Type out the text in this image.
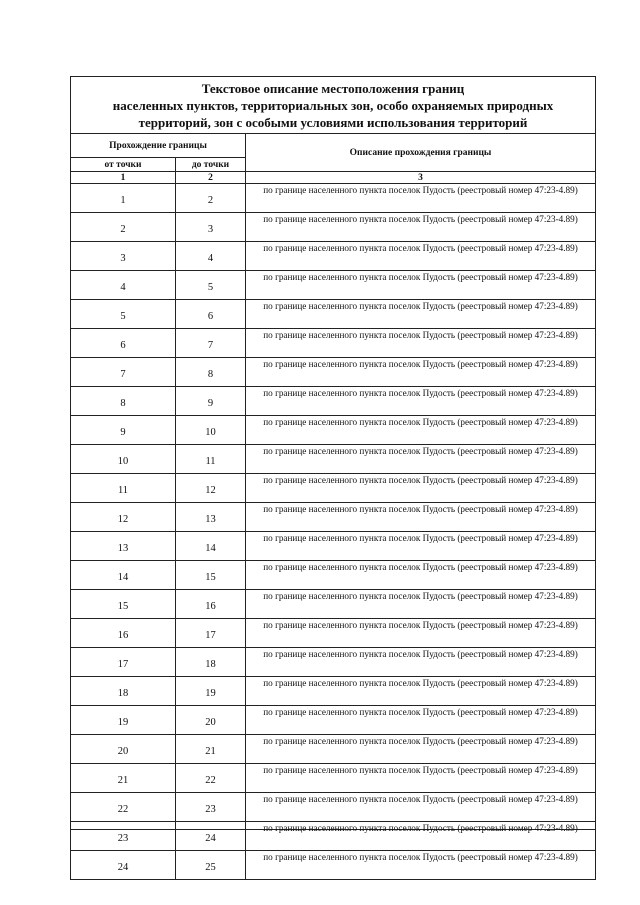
Текстовое описание местоположения границ
населенных пунктов, территориальных зон, особо охраняемых природных
территорий, зон с особыми условиями использования территорий
Прохождение границы		Описание прохождения границы
от точки	до точки	
1	2	3
1	2	по границе населенного пункта поселок Пудость (реестровый номер 47:23-4.89)
2	3	по границе населенного пункта поселок Пудость (реестровый номер 47:23-4.89)
3	4	по границе населенного пункта поселок Пудость (реестровый номер 47:23-4.89)
4	5	по границе населенного пункта поселок Пудость (реестровый номер 47:23-4.89)
5	6	по границе населенного пункта поселок Пудость (реестровый номер 47:23-4.89)
6	7	по границе населенного пункта поселок Пудость (реестровый номер 47:23-4.89)
7	8	по границе населенного пункта поселок Пудость (реестровый номер 47:23-4.89)
8	9	по границе населенного пункта поселок Пудость (реестровый номер 47:23-4.89)
9	10	по границе населенного пункта поселок Пудость (реестровый номер 47:23-4.89)
10	11	по границе населенного пункта поселок Пудость (реестровый номер 47:23-4.89)
11	12	по границе населенного пункта поселок Пудость (реестровый номер 47:23-4.89)
12	13	по границе населенного пункта поселок Пудость (реестровый номер 47:23-4.89)
13	14	по границе населенного пункта поселок Пудость (реестровый номер 47:23-4.89)
14	15	по границе населенного пункта поселок Пудость (реестровый номер 47:23-4.89)
15	16	по границе населенного пункта поселок Пудость (реестровый номер 47:23-4.89)
16	17	по границе населенного пункта поселок Пудость (реестровый номер 47:23-4.89)
17	18	по границе населенного пункта поселок Пудость (реестровый номер 47:23-4.89)
18	19	по границе населенного пункта поселок Пудость (реестровый номер 47:23-4.89)
19	20	по границе населенного пункта поселок Пудость (реестровый номер 47:23-4.89)
20	21	по границе населенного пункта поселок Пудость (реестровый номер 47:23-4.89)
21	22	по границе населенного пункта поселок Пудость (реестровый номер 47:23-4.89)
22	23	по границе населенного пункта поселок Пудость (реестровый номер 47:23-4.89)
23	24	по границе населенного пункта поселок Пудость (реестровый номер 47:23-4.89)
24	25	по границе населенного пункта поселок Пудость (реестровый номер 47:23-4.89)
